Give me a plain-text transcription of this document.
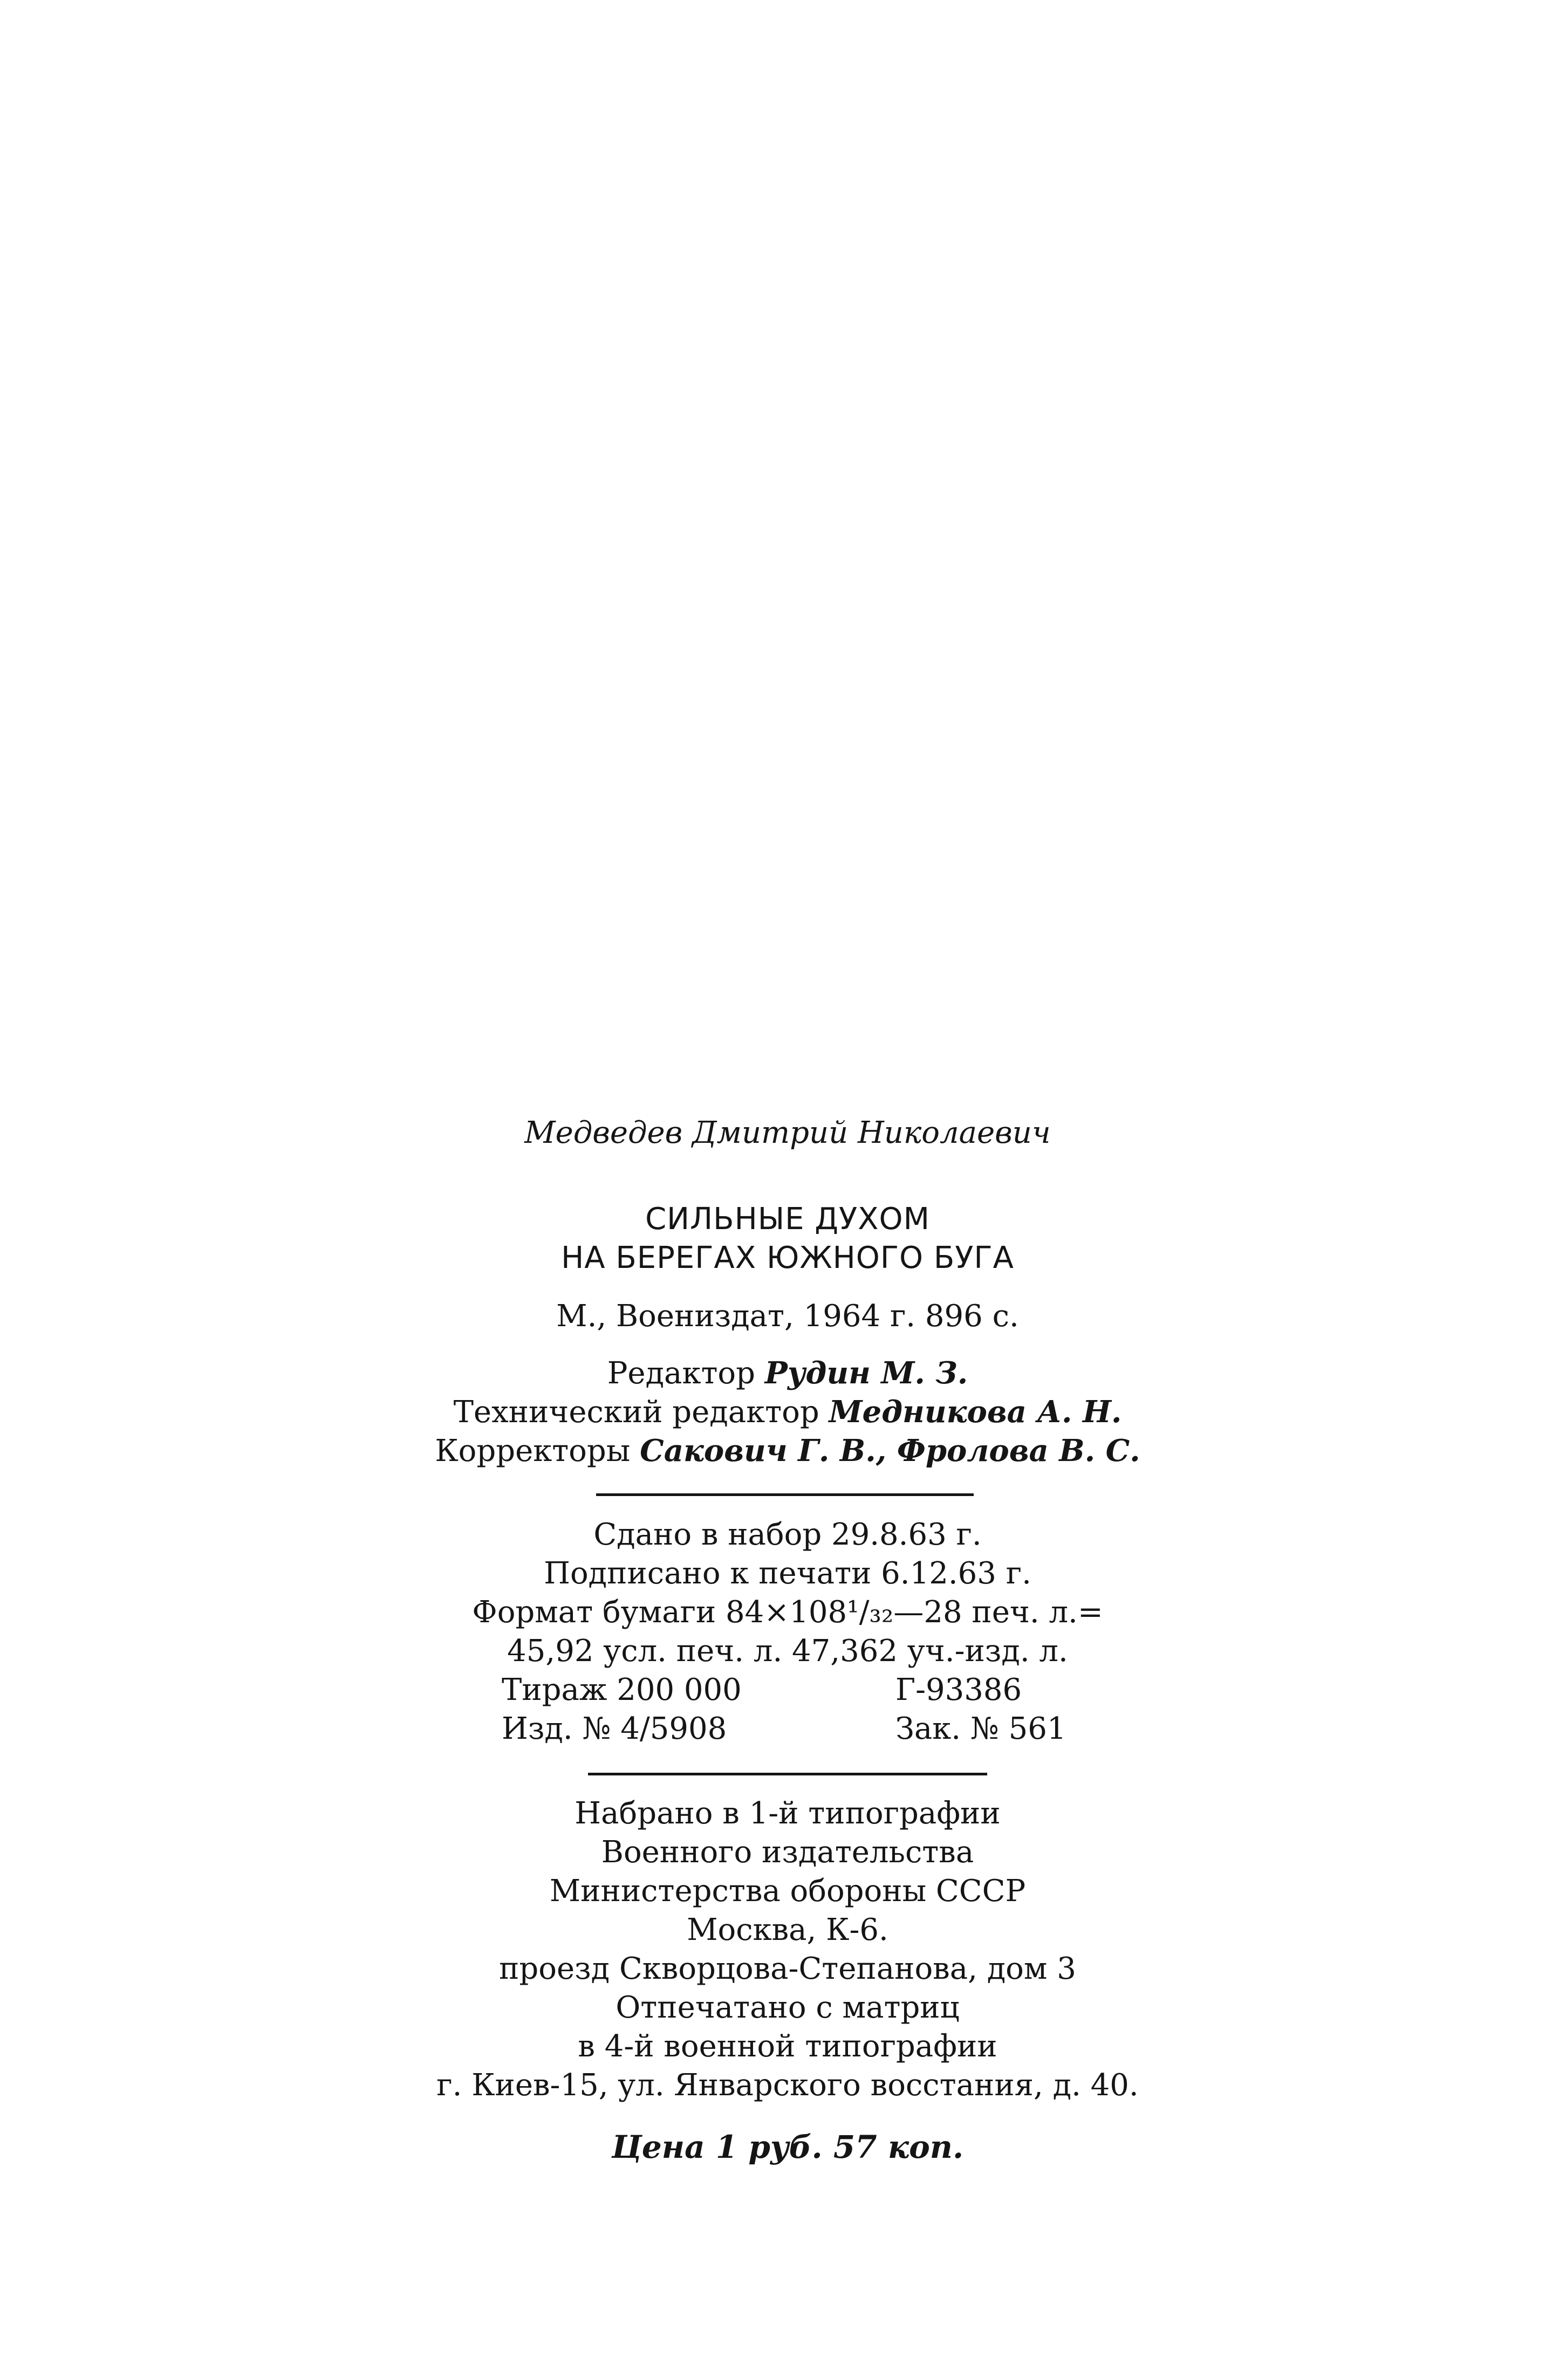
Медведев Дмитрий Николаевич
СИЛЬНЫЕ ДУХОМ
НА БЕРЕГАХ ЮЖНОГО БУГА
М., Воениздат, 1964 г. 896 с.
Редактор Рудин М. З.
Технический редактор Медникова А. Н.
Корректоры Сакович Г. В., Фролова В. С.
Сдано в набор 29.8.63 г.
Подписано к печати 6.12.63 г.
Формат бумаги 84×108¹/₃₂—28 печ. л.=
45,92 усл. печ. л. 47,362 уч.-изд. л.
Тираж 200 000	Г-93386
Изд. № 4/5908	Зак. № 561
Набрано в 1-й типографии
Военного издательства
Министерства обороны СССР
Москва, К-6.
проезд Скворцова-Степанова, дом 3
Отпечатано с матриц
в 4-й военной типографии
г. Киев-15, ул. Январского восстания, д. 40.
Цена 1 руб. 57 коп.
